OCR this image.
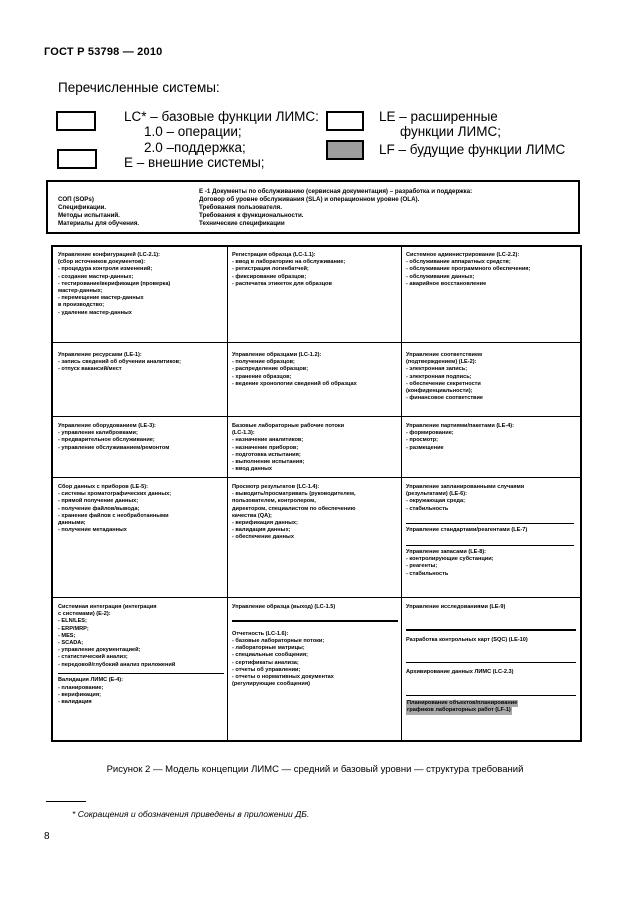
ГОСТ Р 53798 — 2010
Перечисленные системы:
LC* – базовые функции ЛИМС:
1.0 – операции;
2.0 –поддержка;
E – внешние системы;
LE – расширенные
функции ЛИМС;
LF – будущие функции ЛИМС
СОП (SOPs)
Спецификации.
Методы испытаний.
Материалы для обучения.
Е -1 Документы по обслуживанию (сервисная документация) – разработка и поддержка:
Договор об уровне обслуживания (SLA) и операционном уровне (OLA).
Требования пользователя.
Требования к функциональности.
Технические спецификации
Управление конфигурацией (LC-2.1):
(сбор источников документов):
- процедура контроля изменений;
- создание мастер-данных;
- тестирование/верификация (проверка)
мастер-данных;
- перемещение мастер-данных
в производство;
- удаление мастер-данных
Регистрация образца (LC-1.1):
- ввод в лабораторию на обслуживание;
- регистрация логинбатчей;
- фиксирование образцов;
- распечатка этикеток для образцов
Системное администрирование (LC-2.2):
- обслуживание аппаратных средств;
- обслуживание программного обеспечения;
- обслуживание данных;
- аварийное восстановление
Управление ресурсами (LE-1):
- запись сведений об обучении аналитиков;
- отпуск вакансий/мест
Управление образцами (LC-1.2):
- получение образцов;
- распределение образцов;
- хранение образцов;
- ведение хронологии сведений об образцах
Управление соответствием
(подтверждением) (LE-2):
- электронная запись;
- электронная подпись;
- обеспечение секретности
(конфиденциальности);
- финансовое соответствие
Управление оборудованием (LE-3):
- управление калибровками;
- предварительное обслуживание;
- управление обслуживанием/ремонтом
Базовые лабораторные рабочие потоки
(LC-1.3):
- назначение аналитиков;
- назначение приборов;
- подготовка испытания;
- выполнение испытания;
- ввод данных
Управление партиями/пакетами (LE-4):
- формирование;
- просмотр;
- размещение
Сбор данных с приборов (LE-5):
- системы хроматографических данных;
- прямой получение данных;
- получение файлов/вывода;
- хранение файлов с необработанными
данными;
- получение метаданных
Просмотр результатов (LC-1.4):
- выводить/просматривать (руководителем,
пользователем, контролером,
директором, специалистом по обеспечению
качества (QA);
- верификация данных;
- валидация данных;
- обеспечение данных
Управление запланированными случаями
(результатами) (LE-6):
- окружающая среда;
- стабильность
Управление стандартами/реагентами (LE-7)
Управление запасами (LE-8):
- контролирующие субстанции;
- реагенты;
- стабильность
Системная интеграция (интеграция
с системами) (E-2):
- ELN/LES;
- ERP/MRP;
- MES;
- SCADA;
- управление документацией;
- статистический анализ;
- передовой/глубокий анализ приложений
Валидация ЛИМС (E-4):
- планирование;
- верификация;
- валидация
Управление образца (выход) (LC-1.5)
Отчетность (LC-1.6):
- базовые лабораторные потоки;
- лабораторные матрицы;
- специальные сообщения;
- сертификаты анализа;
- отчеты об управлении;
- отчеты о нормативных документах
(регулирующие сообщения)
Управление исследованиями (LE-9)
Разработка контрольных карт (SQC) (LE-10)
Архивирование данных ЛИМС (LC-2.3)
Планирование объектов/планирование
графиков лабораторных работ (LF-1)
Рисунок 2 — Модель концепции ЛИМС — средний и базовый уровни — структура требований
* Сокращения и обозначения приведены в приложении ДБ.
8
